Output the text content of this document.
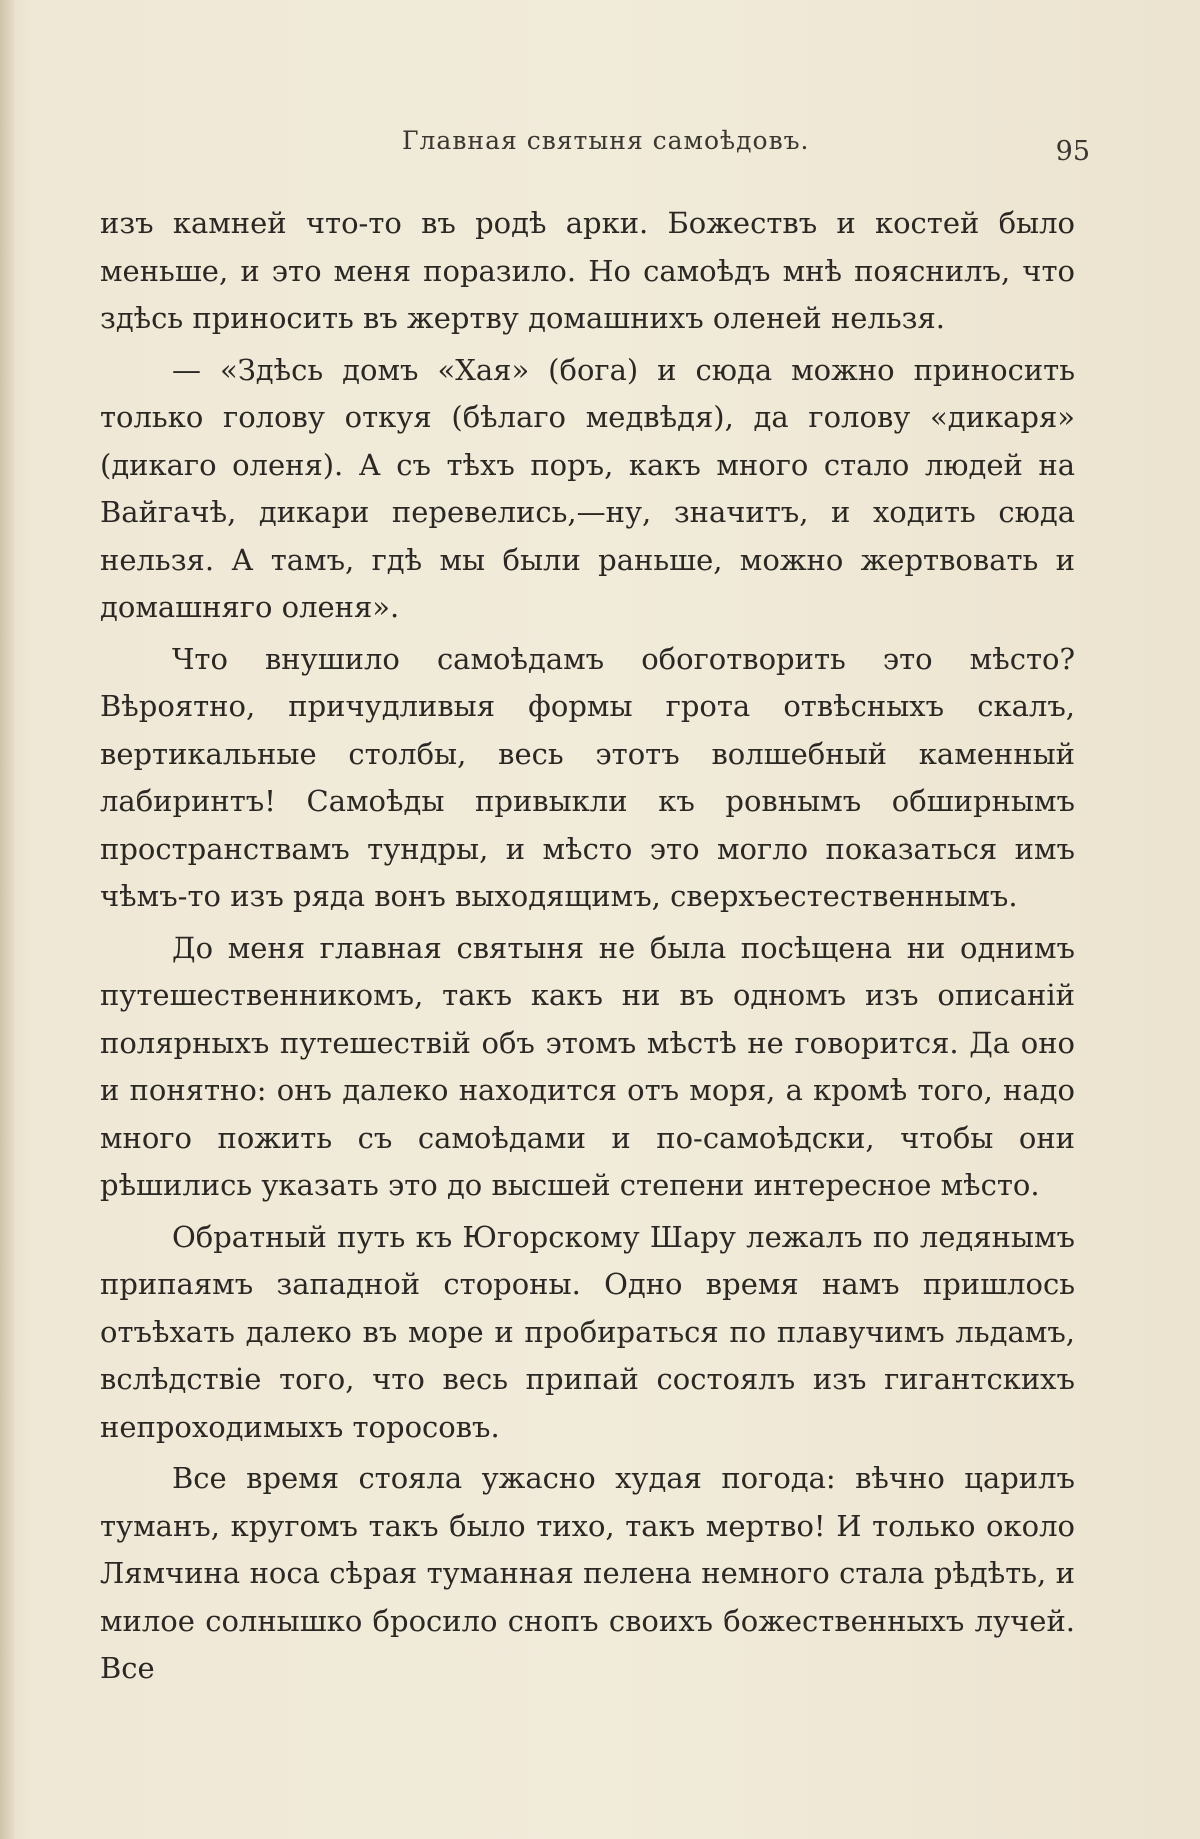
Главная святыня самоѣдовъ.	95

изъ камней что-то въ родѣ арки. Божествъ и костей было меньше, и это меня поразило. Но самоѣдъ мнѣ пояснилъ, что здѣсь приносить въ жертву домашнихъ оленей нельзя.

— «Здѣсь домъ «Хая» (бога) и сюда можно приносить только голову откуя (бѣлаго медвѣдя), да голову «дикаря» (дикаго оленя). А съ тѣхъ поръ, какъ много стало людей на Вайгачѣ, дикари перевелись,—ну, значитъ, и ходить сюда нельзя. А тамъ, гдѣ мы были раньше, можно жертвовать и домашняго оленя».

Что внушило самоѣдамъ обоготворить это мѣсто? Вѣроятно, причудливыя формы грота отвѣсныхъ скалъ, вертикальные столбы, весь этотъ волшебный каменный лабиринтъ! Самоѣды привыкли къ ровнымъ обширнымъ пространствамъ тундры, и мѣсто это могло показаться имъ чѣмъ-то изъ ряда вонъ выходящимъ, сверхъестественнымъ.

До меня главная святыня не была посѣщена ни однимъ путешественникомъ, такъ какъ ни въ одномъ изъ описанiй полярныхъ путешествiй объ этомъ мѣстѣ не говорится. Да оно и понятно: онъ далеко находится отъ моря, а кромѣ того, надо много пожить съ самоѣдами и по-самоѣдски, чтобы они рѣшились указать это до высшей степени интересное мѣсто.

Обратный путь къ Югорскому Шару лежалъ по ледянымъ припаямъ западной стороны. Одно время намъ пришлось отъѣхать далеко въ море и пробираться по плавучимъ льдамъ, вслѣдствiе того, что весь припай состоялъ изъ гигантскихъ непроходимыхъ торосовъ.

Все время стояла ужасно худая погода: вѣчно царилъ туманъ, кругомъ такъ было тихо, такъ мертво! И только около Лямчина носа сѣрая туманная пелена немного стала рѣдѣть, и милое солнышко бросило снопъ своихъ божественныхъ лучей. Все
